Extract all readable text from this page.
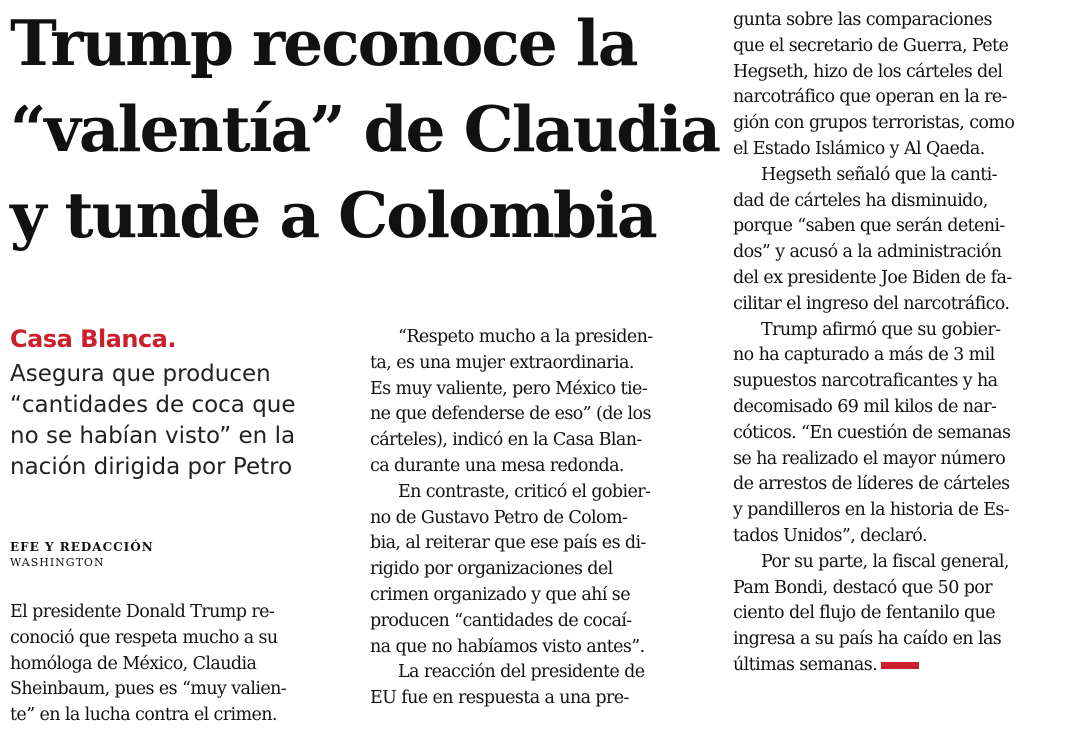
Trump reconoce la
“valentía” de Claudia
y tunde a Colombia
Casa Blanca.
Asegura que producen
“cantidades de coca que
no se habían visto” en la
nación dirigida por Petro
EFE Y REDACCIÓN
WASHINGTON
El presidente Donald Trump re-
conoció que respeta mucho a su
homóloga de México, Claudia
Sheinbaum, pues es “muy valien-
te” en la lucha contra el crimen.
“Respeto mucho a la presiden-
ta, es una mujer extraordinaria.
Es muy valiente, pero México tie-
ne que defenderse de eso” (de los
cárteles), indicó en la Casa Blan-
ca durante una mesa redonda.
En contraste, criticó el gobier-
no de Gustavo Petro de Colom-
bia, al reiterar que ese país es di-
rigido por organizaciones del
crimen organizado y que ahí se
producen “cantidades de cocaí-
na que no habíamos visto antes”.
La reacción del presidente de
EU fue en respuesta a una pre-
gunta sobre las comparaciones
que el secretario de Guerra, Pete
Hegseth, hizo de los cárteles del
narcotráfico que operan en la re-
gión con grupos terroristas, como
el Estado Islámico y Al Qaeda.
Hegseth señaló que la canti-
dad de cárteles ha disminuido,
porque “saben que serán deteni-
dos” y acusó a la administración
del ex presidente Joe Biden de fa-
cilitar el ingreso del narcotráfico.
Trump afirmó que su gobier-
no ha capturado a más de 3 mil
supuestos narcotraficantes y ha
decomisado 69 mil kilos de nar-
cóticos. “En cuestión de semanas
se ha realizado el mayor número
de arrestos de líderes de cárteles
y pandilleros en la historia de Es-
tados Unidos”, declaró.
Por su parte, la fiscal general,
Pam Bondi, destacó que 50 por
ciento del flujo de fentanilo que
ingresa a su país ha caído en las
últimas semanas.
